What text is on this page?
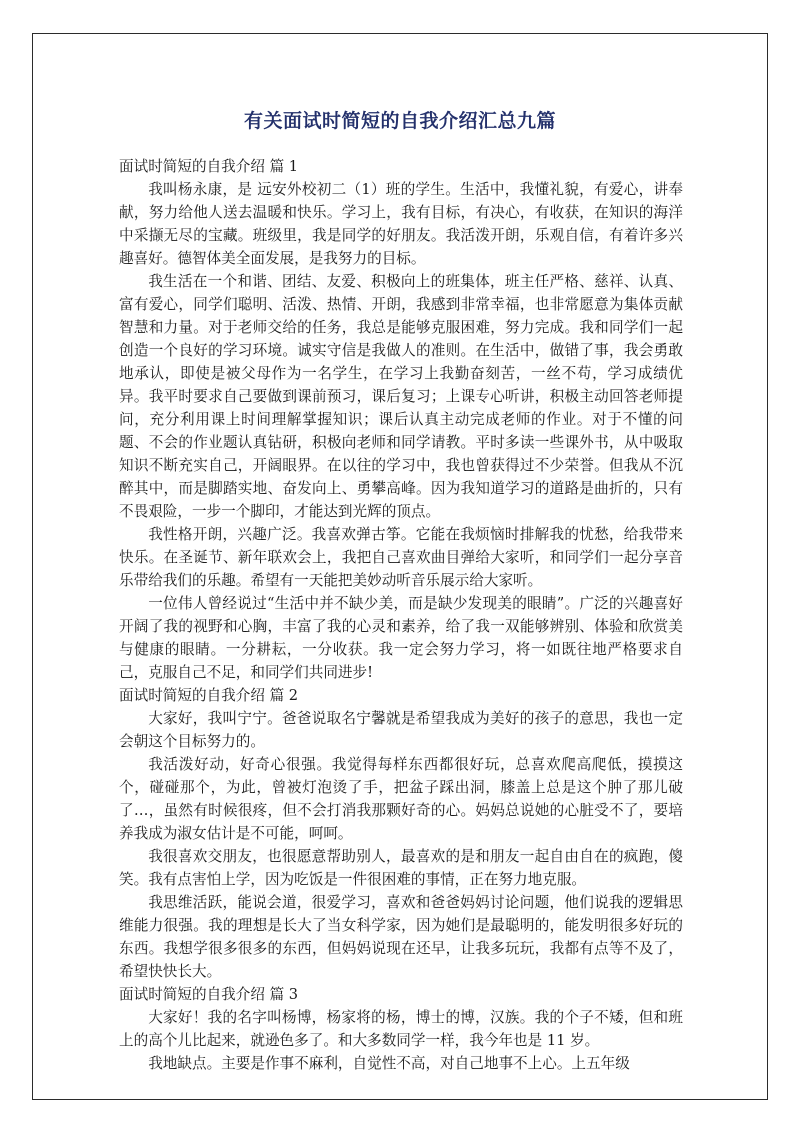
有关面试时简短的自我介绍汇总九篇

面试时简短的自我介绍 篇 1

我叫杨永康，是 远安外校初二（1）班的学生。生活中，我懂礼貌，有爱心，讲奉献，努力给他人送去温暖和快乐。学习上，我有目标，有决心，有收获，在知识的海洋中采撷无尽的宝藏。班级里，我是同学的好朋友。我活泼开朗，乐观自信，有着许多兴趣喜好。德智体美全面发展，是我努力的目标。

我生活在一个和谐、团结、友爱、积极向上的班集体，班主任严格、慈祥、认真、富有爱心，同学们聪明、活泼、热情、开朗，我感到非常幸福，也非常愿意为集体贡献智慧和力量。对于老师交给的任务，我总是能够克服困难，努力完成。我和同学们一起创造一个良好的学习环境。诚实守信是我做人的准则。在生活中，做错了事，我会勇敢地承认，即使是被父母作为一名学生，在学习上我勤奋刻苦，一丝不苟，学习成绩优异。我平时要求自己要做到课前预习，课后复习；上课专心听讲，积极主动回答老师提问，充分利用课上时间理解掌握知识；课后认真主动完成老师的作业。对于不懂的问题、不会的作业题认真钻研，积极向老师和同学请教。平时多读一些课外书，从中吸取知识不断充实自己，开阔眼界。在以往的学习中，我也曾获得过不少荣誉。但我从不沉醉其中，而是脚踏实地、奋发向上、勇攀高峰。因为我知道学习的道路是曲折的，只有不畏艰险，一步一个脚印，才能达到光辉的顶点。

我性格开朗，兴趣广泛。我喜欢弹古筝。它能在我烦恼时排解我的忧愁，给我带来快乐。在圣诞节、新年联欢会上，我把自己喜欢曲目弹给大家听，和同学们一起分享音乐带给我们的乐趣。希望有一天能把美妙动听音乐展示给大家听。

一位伟人曾经说过“生活中并不缺少美，而是缺少发现美的眼睛”。广泛的兴趣喜好开阔了我的视野和心胸，丰富了我的心灵和素养，给了我一双能够辨别、体验和欣赏美与健康的眼睛。一分耕耘，一分收获。我一定会努力学习，将一如既往地严格要求自己，克服自己不足，和同学们共同进步!

面试时简短的自我介绍 篇 2

大家好，我叫宁宁。爸爸说取名宁馨就是希望我成为美好的孩子的意思，我也一定会朝这个目标努力的。

我活泼好动，好奇心很强。我觉得每样东西都很好玩，总喜欢爬高爬低，摸摸这个，碰碰那个，为此，曾被灯泡烫了手，把盆子踩出洞，膝盖上总是这个肿了那儿破了…，虽然有时候很疼，但不会打消我那颗好奇的心。妈妈总说她的心脏受不了，要培养我成为淑女估计是不可能，呵呵。

我很喜欢交朋友，也很愿意帮助别人，最喜欢的是和朋友一起自由自在的疯跑，傻笑。我有点害怕上学，因为吃饭是一件很困难的事情，正在努力地克服。

我思维活跃，能说会道，很爱学习，喜欢和爸爸妈妈讨论问题，他们说我的逻辑思维能力很强。我的理想是长大了当女科学家，因为她们是最聪明的，能发明很多好玩的东西。我想学很多很多的东西，但妈妈说现在还早，让我多玩玩，我都有点等不及了，希望快快长大。

面试时简短的自我介绍 篇 3

大家好！我的名字叫杨博，杨家将的杨，博士的博，汉族。我的个子不矮，但和班上的高个儿比起来，就逊色多了。和大多数同学一样，我今年也是 11 岁。

我地缺点。主要是作事不麻利，自觉性不高，对自己地事不上心。上五年级
